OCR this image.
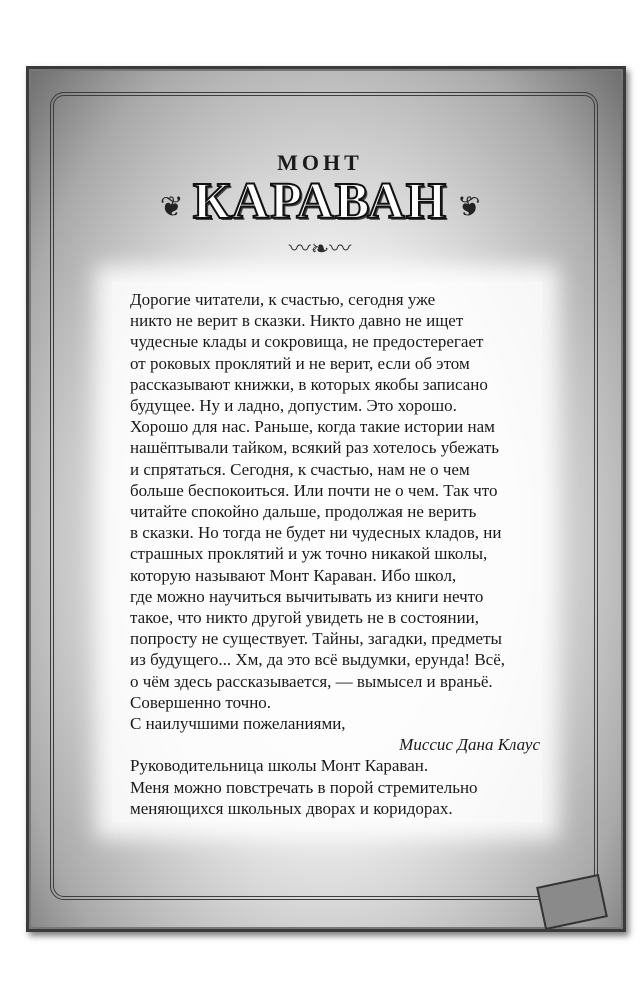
МОНТ
КАРАВАН
❦	❦
〰❧〰
Дорогие читатели, к счастью, сегодня уже
никто не верит в сказки. Никто давно не ищет
чудесные клады и сокровища, не предостерегает
от роковых проклятий и не верит, если об этом
рассказывают книжки, в которых якобы записано
будущее. Ну и ладно, допустим. Это хорошо.
Хорошо для нас. Раньше, когда такие истории нам
нашёптывали тайком, всякий раз хотелось убежать
и спрятаться. Сегодня, к счастью, нам не о чем
больше беспокоиться. Или почти не о чем. Так что
читайте спокойно дальше, продолжая не верить
в сказки. Но тогда не будет ни чудесных кладов, ни
страшных проклятий и уж точно никакой школы,
которую называют Монт Караван. Ибо школ,
где можно научиться вычитывать из книги нечто
такое, что никто другой увидеть не в состоянии,
попросту не существует. Тайны, загадки, предметы
из будущего... Хм, да это всё выдумки, ерунда! Всё,
о чём здесь рассказывается, — вымысел и враньё.
Совершенно точно.
С наилучшими пожеланиями,
Миссис Дана Клаус
Руководительница школы Монт Караван.
Меня можно повстречать в порой стремительно
меняющихся школьных дворах и коридорах.
